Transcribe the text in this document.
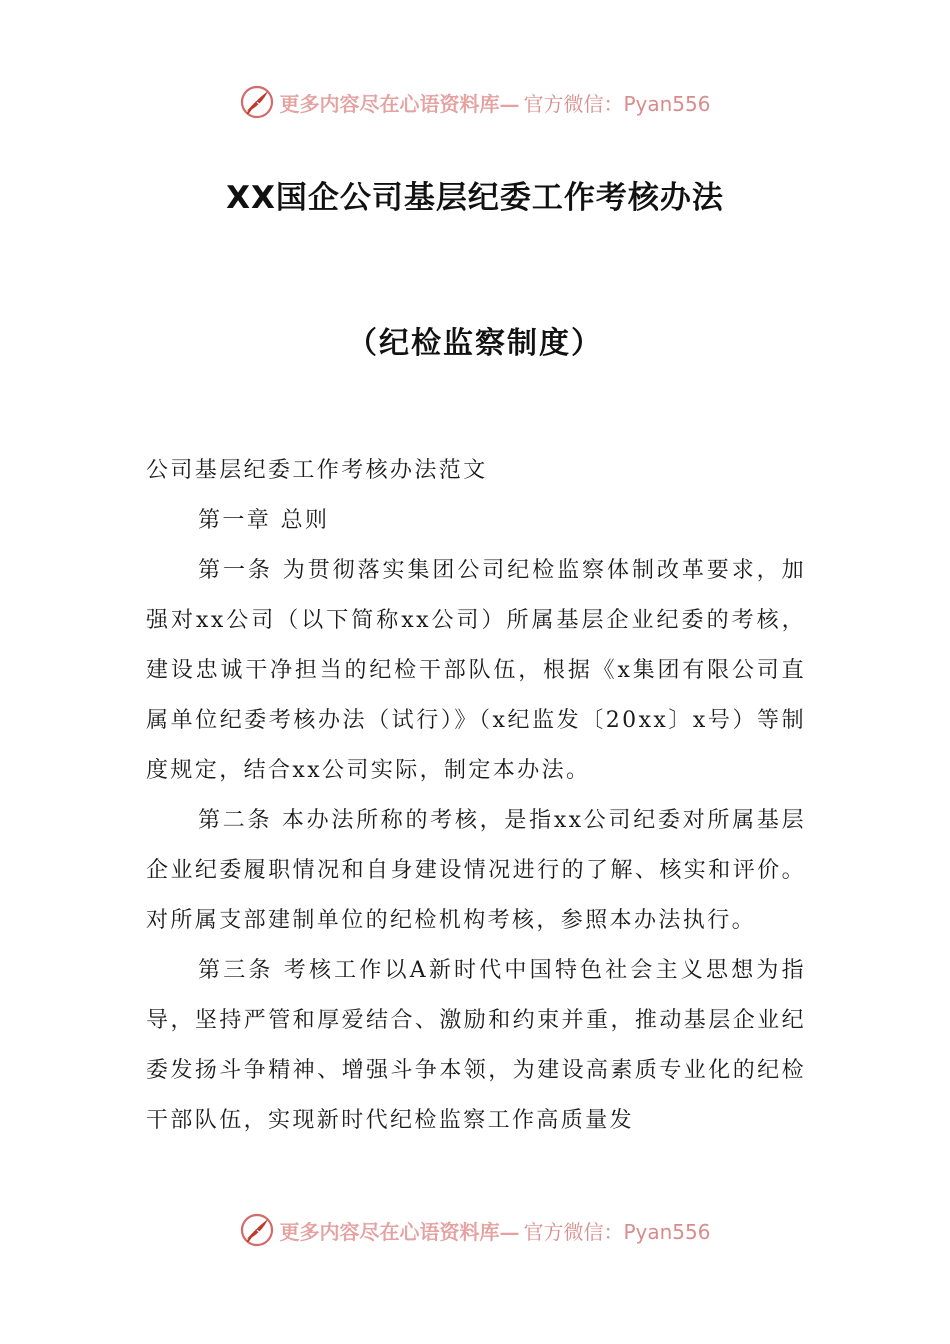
更多内容尽在心语资料库— 官方微信：Pyan556
XX国企公司基层纪委工作考核办法
（纪检监察制度）

公司基层纪委工作考核办法范文

第一章 总则

第一条 为贯彻落实集团公司纪检监察体制改革要求，加强对xx公司（以下简称xx公司）所属基层企业纪委的考核，建设忠诚干净担当的纪检干部队伍，根据《x集团有限公司直属单位纪委考核办法（试行）》（x纪监发〔20xx〕x号）等制度规定，结合xx公司实际，制定本办法。

第二条 本办法所称的考核，是指xx公司纪委对所属基层企业纪委履职情况和自身建设情况进行的了解、核实和评价。对所属支部建制单位的纪检机构考核，参照本办法执行。

第三条 考核工作以A新时代中国特色社会主义思想为指导，坚持严管和厚爱结合、激励和约束并重，推动基层企业纪委发扬斗争精神、增强斗争本领，为建设高素质专业化的纪检干部队伍，实现新时代纪检监察工作高质量发

更多内容尽在心语资料库— 官方微信：Pyan556
